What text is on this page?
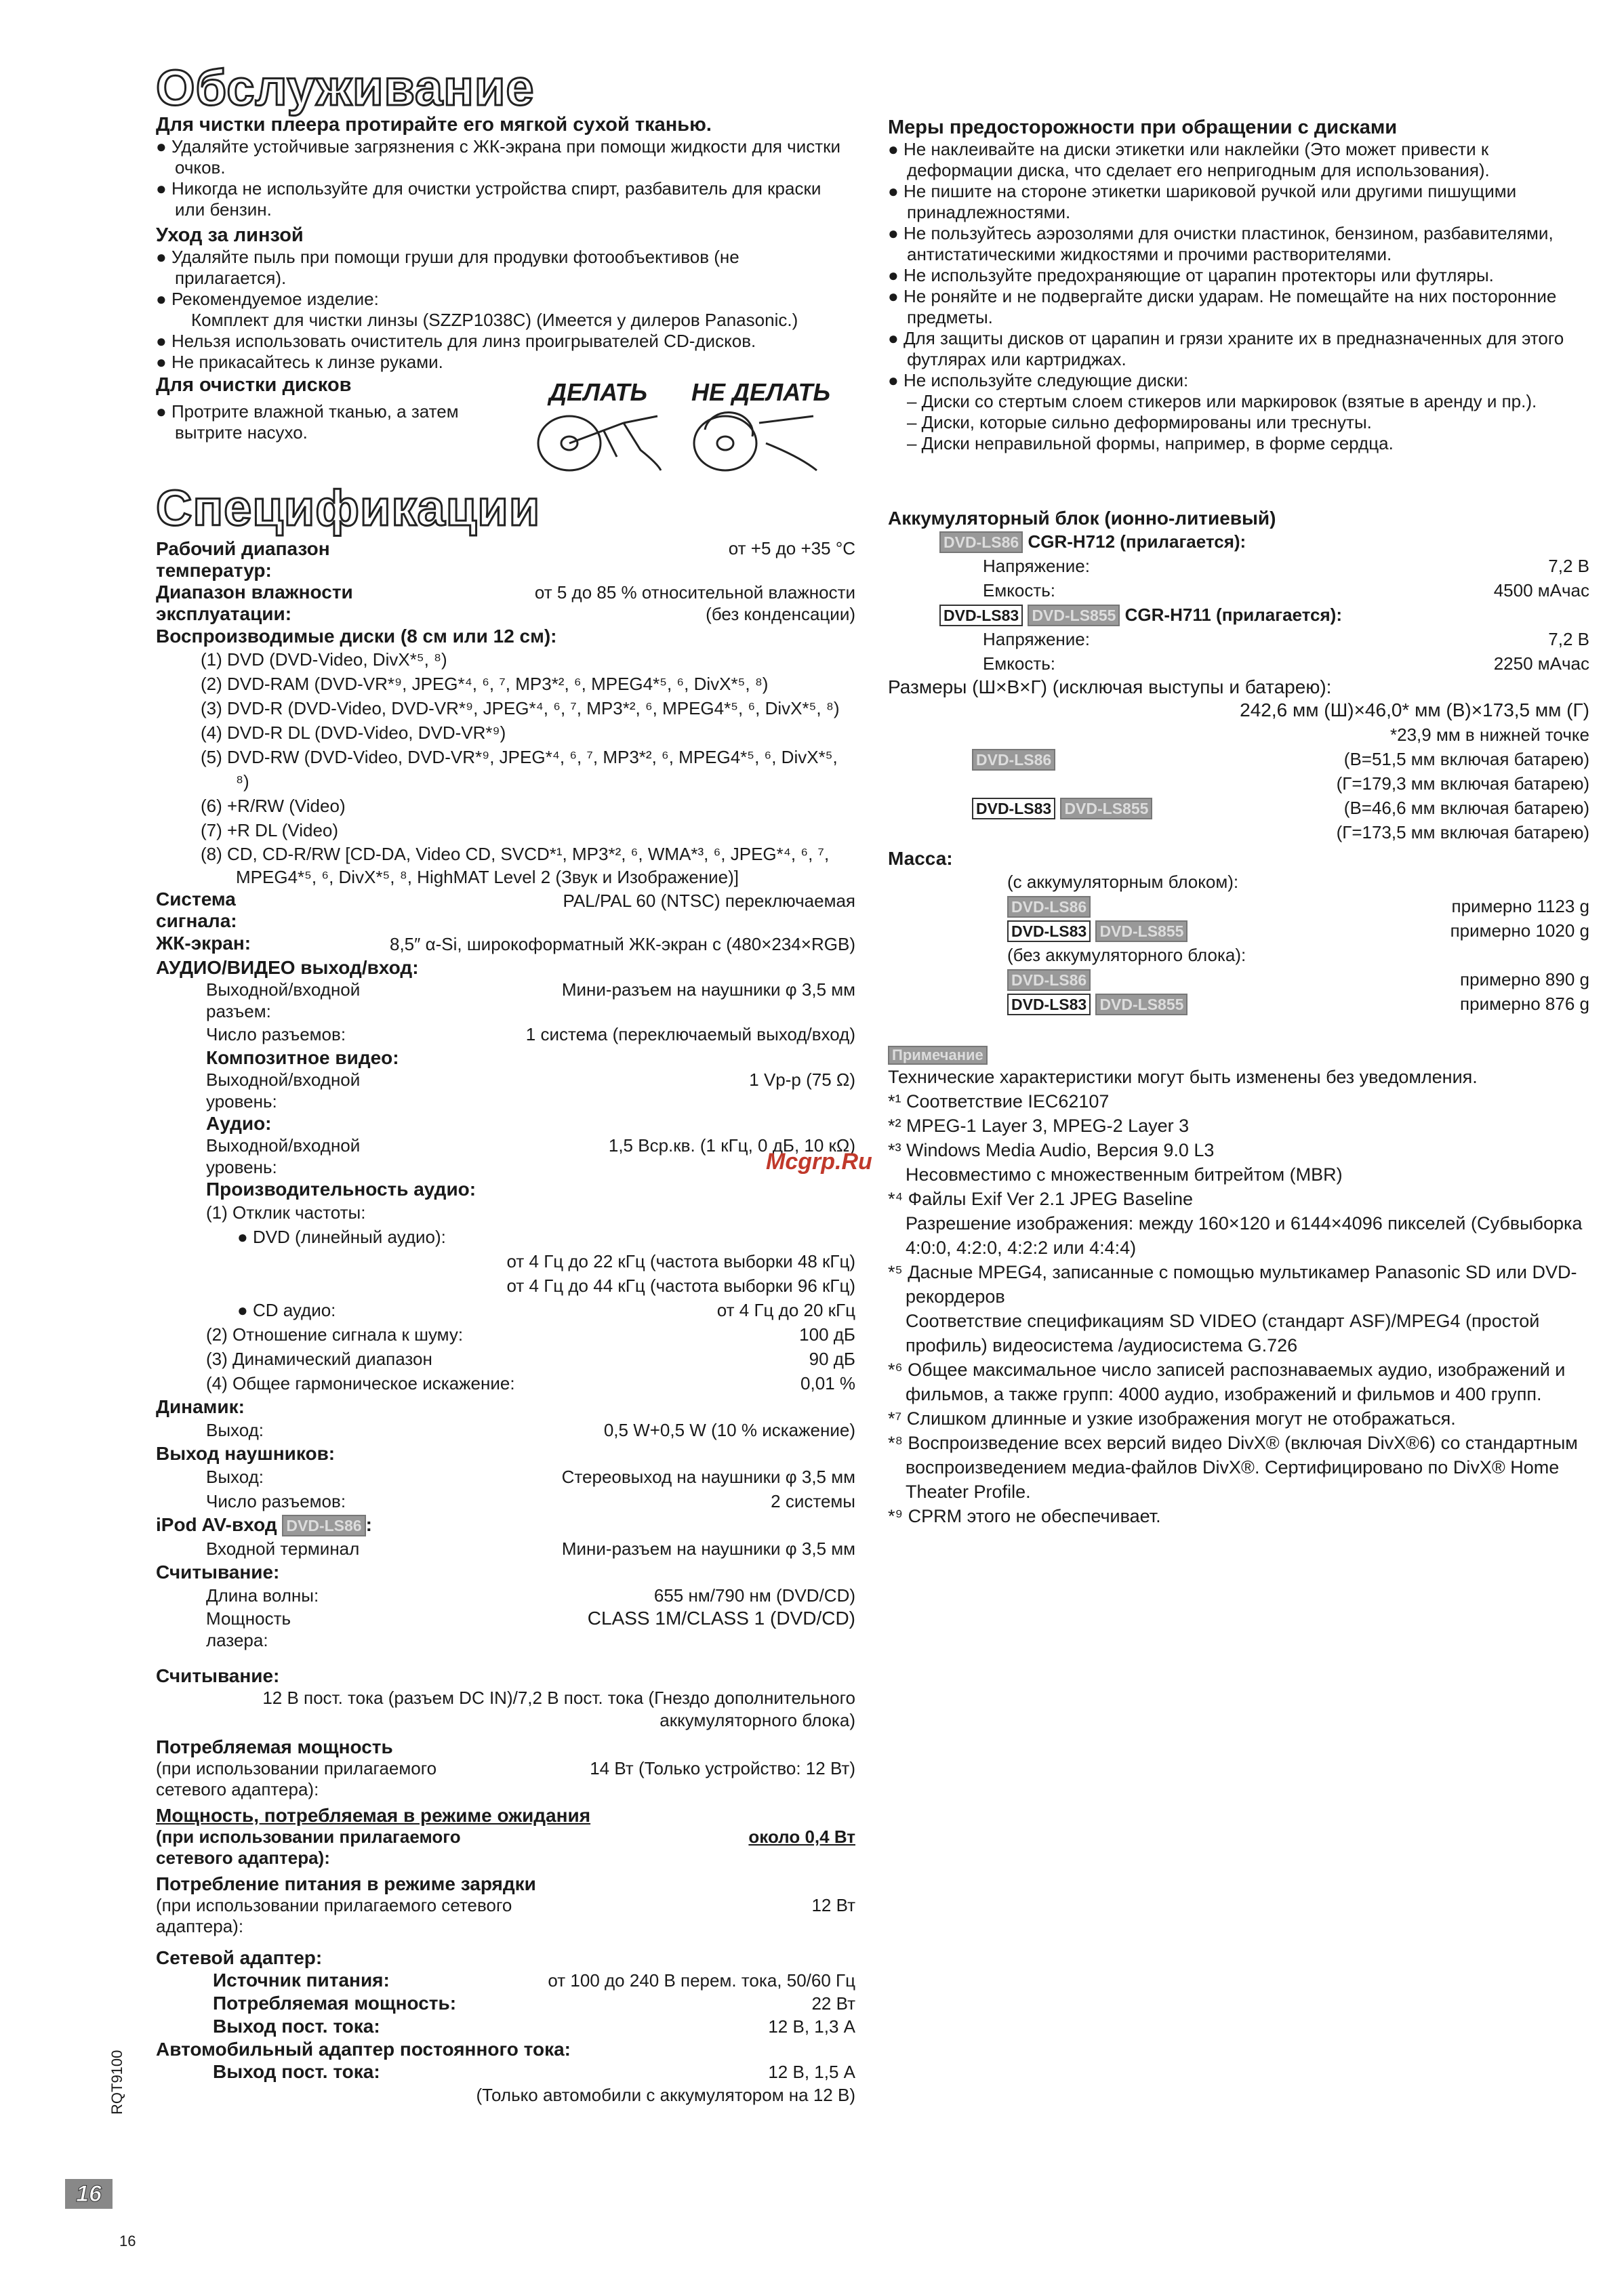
Обслуживание

Для чистки плеера протирайте его мягкой сухой тканью.

● Удаляйте устойчивые загрязнения с ЖК-экрана при помощи жидкости для чистки очков.

● Никогда не используйте для очистки устройства спирт, разбавитель для краски или бензин.

Уход за линзой

● Удаляйте пыль при помощи груши для продувки фотообъективов (не прилагается).

● Рекомендуемое изделие:

Комплект для чистки линзы (SZZP1038C) (Имеется у дилеров Panasonic.)

● Нельзя использовать очиститель для линз проигрывателей CD-дисков.

● Не прикасайтесь к линзе руками.

Для очистки дисков

● Протрите влажной тканью, а затем вытрите насухо.

ДЕЛАТЬ НЕ ДЕЛАТЬ
Спецификации
Рабочий диапазон температур:
от +5 до +35 °C
Диапазон влажности эксплуатации:
от 5 до 85 % относительной влажности
(без конденсации)

Воспроизводимые диски (8 см или 12 см):

(1) DVD (DVD-Video, DivX*⁵, ⁸)
(2) DVD-RAM (DVD-VR*⁹, JPEG*⁴, ⁶, ⁷, MP3*², ⁶, MPEG4*⁵, ⁶, DivX*⁵, ⁸)
(3) DVD-R (DVD-Video, DVD-VR*⁹, JPEG*⁴, ⁶, ⁷, MP3*², ⁶, MPEG4*⁵, ⁶, DivX*⁵, ⁸)
(4) DVD-R DL (DVD-Video, DVD-VR*⁹)
(5) DVD-RW (DVD-Video, DVD-VR*⁹, JPEG*⁴, ⁶, ⁷, MP3*², ⁶, MPEG4*⁵, ⁶, DivX*⁵, ⁸)
(6) +R/RW (Video)
(7) +R DL (Video)
(8) CD, CD-R/RW [CD-DA, Video CD, SVCD*¹, MP3*², ⁶, WMA*³, ⁶, JPEG*⁴, ⁶, ⁷, MPEG4*⁵, ⁶, DivX*⁵, ⁸, HighMAT Level 2 (Звук и Изображение)]
Система сигнала:
PAL/PAL 60 (NTSC) переключаемая
ЖК-экран:	8,5″ α-Si, широкоформатный ЖК-экран с (480×234×RGB)

АУДИО/ВИДЕО выход/вход:

Выходной/входной разъем:
Мини-разъем на наушники φ 3,5 мм
Число разъемов:	1 система (переключаемый выход/вход)

Композитное видео:

Выходной/входной уровень:
1 Vp-p (75 Ω)

Аудио:

Выходной/входной уровень:
1,5 Вср.кв. (1 кГц, 0 дБ, 10 кΩ)

Производительность аудио:

(1) Отклик частоты:
● DVD (линейный аудио):
от 4 Гц до 22 кГц (частота выборки 48 кГц)
от 4 Гц до 44 кГц (частота выборки 96 кГц)
● CD аудио:	от 4 Гц до 20 кГц
(2) Отношение сигнала к шуму:	100 дБ
(3) Динамический диапазон	90 дБ
(4) Общее гармоническое искажение:	0,01 %

Динамик:

Выход:	0,5 W+0,5 W (10 % искажение)

Выход наушников:

Выход:	Стереовыход на наушники φ 3,5 мм
Число разъемов:	2 системы

iPod AV-вход DVD-LS86 :

Входной терминал	Мини-разъем на наушники φ 3,5 мм

Считывание:

Длина волны:	655 нм/790 нм (DVD/CD)
Мощность лазера:
CLASS 1M/CLASS 1 (DVD/CD)

Считывание:

12 В пост. тока (разъем DC IN)/7,2 В пост. тока (Гнездо дополнительного аккумуляторного блока)

Потребляемая мощность

(при использовании прилагаемого сетевого адаптера):
14 Вт (Только устройство: 12 Вт)

Мощность, потребляемая в режиме ожидания

(при использовании прилагаемого сетевого адаптера):
около 0,4 Вт

Потребление питания в режиме зарядки

(при использовании прилагаемого сетевого адаптера):
12 Вт

Сетевой адаптер:

Источник питания:	от 100 до 240 В перем. тока, 50/60 Гц
Потребляемая мощность:	22 Вт
Выход пост. тока:	12 В, 1,3 А

Автомобильный адаптер постоянного тока:

Выход пост. тока:	12 В, 1,5 А
(Только автомобили с аккумулятором на 12 В)

Меры предосторожности при обращении с дисками

● Не наклеивайте на диски этикетки или наклейки (Это может привести к деформации диска, что сделает его непригодным для использования).

● Не пишите на стороне этикетки шариковой ручкой или другими пишущими принадлежностями.

● Не пользуйтесь аэрозолями для очистки пластинок, бензином, разбавителями, антистатическими жидкостями и прочими растворителями.

● Не используйте предохраняющие от царапин протекторы или футляры.

● Не роняйте и не подвергайте диски ударам. Не помещайте на них посторонние предметы.

● Для защиты дисков от царапин и грязи храните их в предназначенных для этого футлярах или картриджах.

● Не используйте следующие диски:

– Диски со стертым слоем стикеров или маркировок (взятые в аренду и пр.).

– Диски, которые сильно деформированы или треснуты.

– Диски неправильной формы, например, в форме сердца.

Аккумуляторный блок (ионно-литиевый)

DVD-LS86 CGR-H712 (прилагается):
Напряжение:	7,2 В
Емкость:	4500 мАчас
DVD-LS83 DVD-LS855 CGR-H711 (прилагается):
Напряжение:	7,2 В
Емкость:	2250 мАчас

Размеры (Ш×В×Г) (исключая выступы и батарею):

242,6 мм (Ш)×46,0* мм (В)×173,5 мм (Г)
*23,9 мм в нижней точке
DVD-LS86	(В=51,5 мм включая батарею)
(Г=179,3 мм включая батарею)
DVD-LS83 DVD-LS855	(В=46,6 мм включая батарею)
(Г=173,5 мм включая батарею)

Масса:

(с аккумуляторным блоком):
DVD-LS86	примерно 1123 g
DVD-LS83 DVD-LS855	примерно 1020 g
(без аккумуляторного блока):
DVD-LS86	примерно 890 g
DVD-LS83 DVD-LS855	примерно 876 g
Примечание

Технические характеристики могут быть изменены без уведомления.

*¹ Соответствие IEC62107

*² MPEG-1 Layer 3, MPEG-2 Layer 3

*³ Windows Media Audio, Версия 9.0 L3
Несовместимо с множественным битрейтом (MBR)

*⁴ Файлы Exif Ver 2.1 JPEG Baseline
Разрешение изображения: между 160×120 и 6144×4096 пикселей (Субвыборка 4:0:0, 4:2:0, 4:2:2 или 4:4:4)

*⁵ Дасные MPEG4, записанные с помощью мультикамер Panasonic SD или DVD-рекордеров
Соответствие спецификациям SD VIDEO (стандарт ASF)/MPEG4 (простой профиль) видеосистема /аудиосистема G.726

*⁶ Общее максимальное число записей распознаваемых аудио, изображений и фильмов, а также групп: 4000 аудио, изображений и фильмов и 400 групп.

*⁷ Слишком длинные и узкие изображения могут не отображаться.

*⁸ Воспроизведение всех версий видео DivX® (включая DivX®6) со стандартным воспроизведением медиа-файлов DivX®. Сертифицировано по DivX® Home Theater Profile.

*⁹ CPRM этого не обеспечивает.

Mcgrp.Ru
RQT9100
16
16
